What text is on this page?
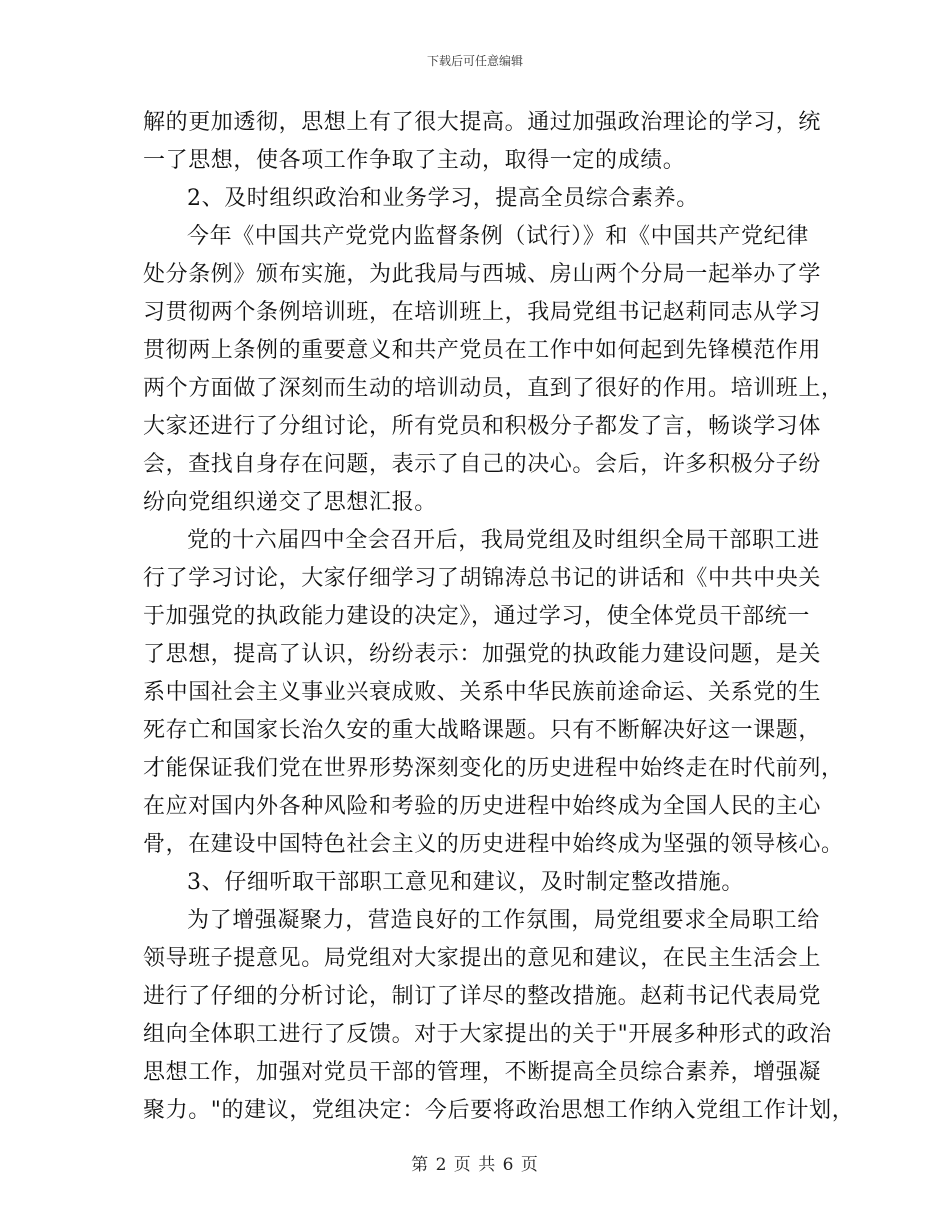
下载后可任意编辑
解的更加透彻，思想上有了很大提高。通过加强政治理论的学习，统
一了思想，使各项工作争取了主动，取得一定的成绩。
2、及时组织政治和业务学习，提高全员综合素养。
今年《中国共产党党内监督条例（试行）》和《中国共产党纪律
处分条例》颁布实施，为此我局与西城、房山两个分局一起举办了学
习贯彻两个条例培训班，在培训班上，我局党组书记赵莉同志从学习
贯彻两上条例的重要意义和共产党员在工作中如何起到先锋模范作用
两个方面做了深刻而生动的培训动员，直到了很好的作用。培训班上，
大家还进行了分组讨论，所有党员和积极分子都发了言，畅谈学习体
会，查找自身存在问题，表示了自己的决心。会后，许多积极分子纷
纷向党组织递交了思想汇报。
党的十六届四中全会召开后，我局党组及时组织全局干部职工进
行了学习讨论，大家仔细学习了胡锦涛总书记的讲话和《中共中央关
于加强党的执政能力建设的决定》，通过学习，使全体党员干部统一
了思想，提高了认识，纷纷表示：加强党的执政能力建设问题，是关
系中国社会主义事业兴衰成败、关系中华民族前途命运、关系党的生
死存亡和国家长治久安的重大战略课题。只有不断解决好这一课题，
才能保证我们党在世界形势深刻变化的历史进程中始终走在时代前列，
在应对国内外各种风险和考验的历史进程中始终成为全国人民的主心
骨，在建设中国特色社会主义的历史进程中始终成为坚强的领导核心。
3、仔细听取干部职工意见和建议，及时制定整改措施。
为了增强凝聚力，营造良好的工作氛围，局党组要求全局职工给
领导班子提意见。局党组对大家提出的意见和建议，在民主生活会上
进行了仔细的分析讨论，制订了详尽的整改措施。赵莉书记代表局党
组向全体职工进行了反馈。对于大家提出的关于"开展多种形式的政治
思想工作，加强对党员干部的管理，不断提高全员综合素养，增强凝
聚力。"的建议，党组决定：今后要将政治思想工作纳入党组工作计划，
第 2 页 共 6 页
